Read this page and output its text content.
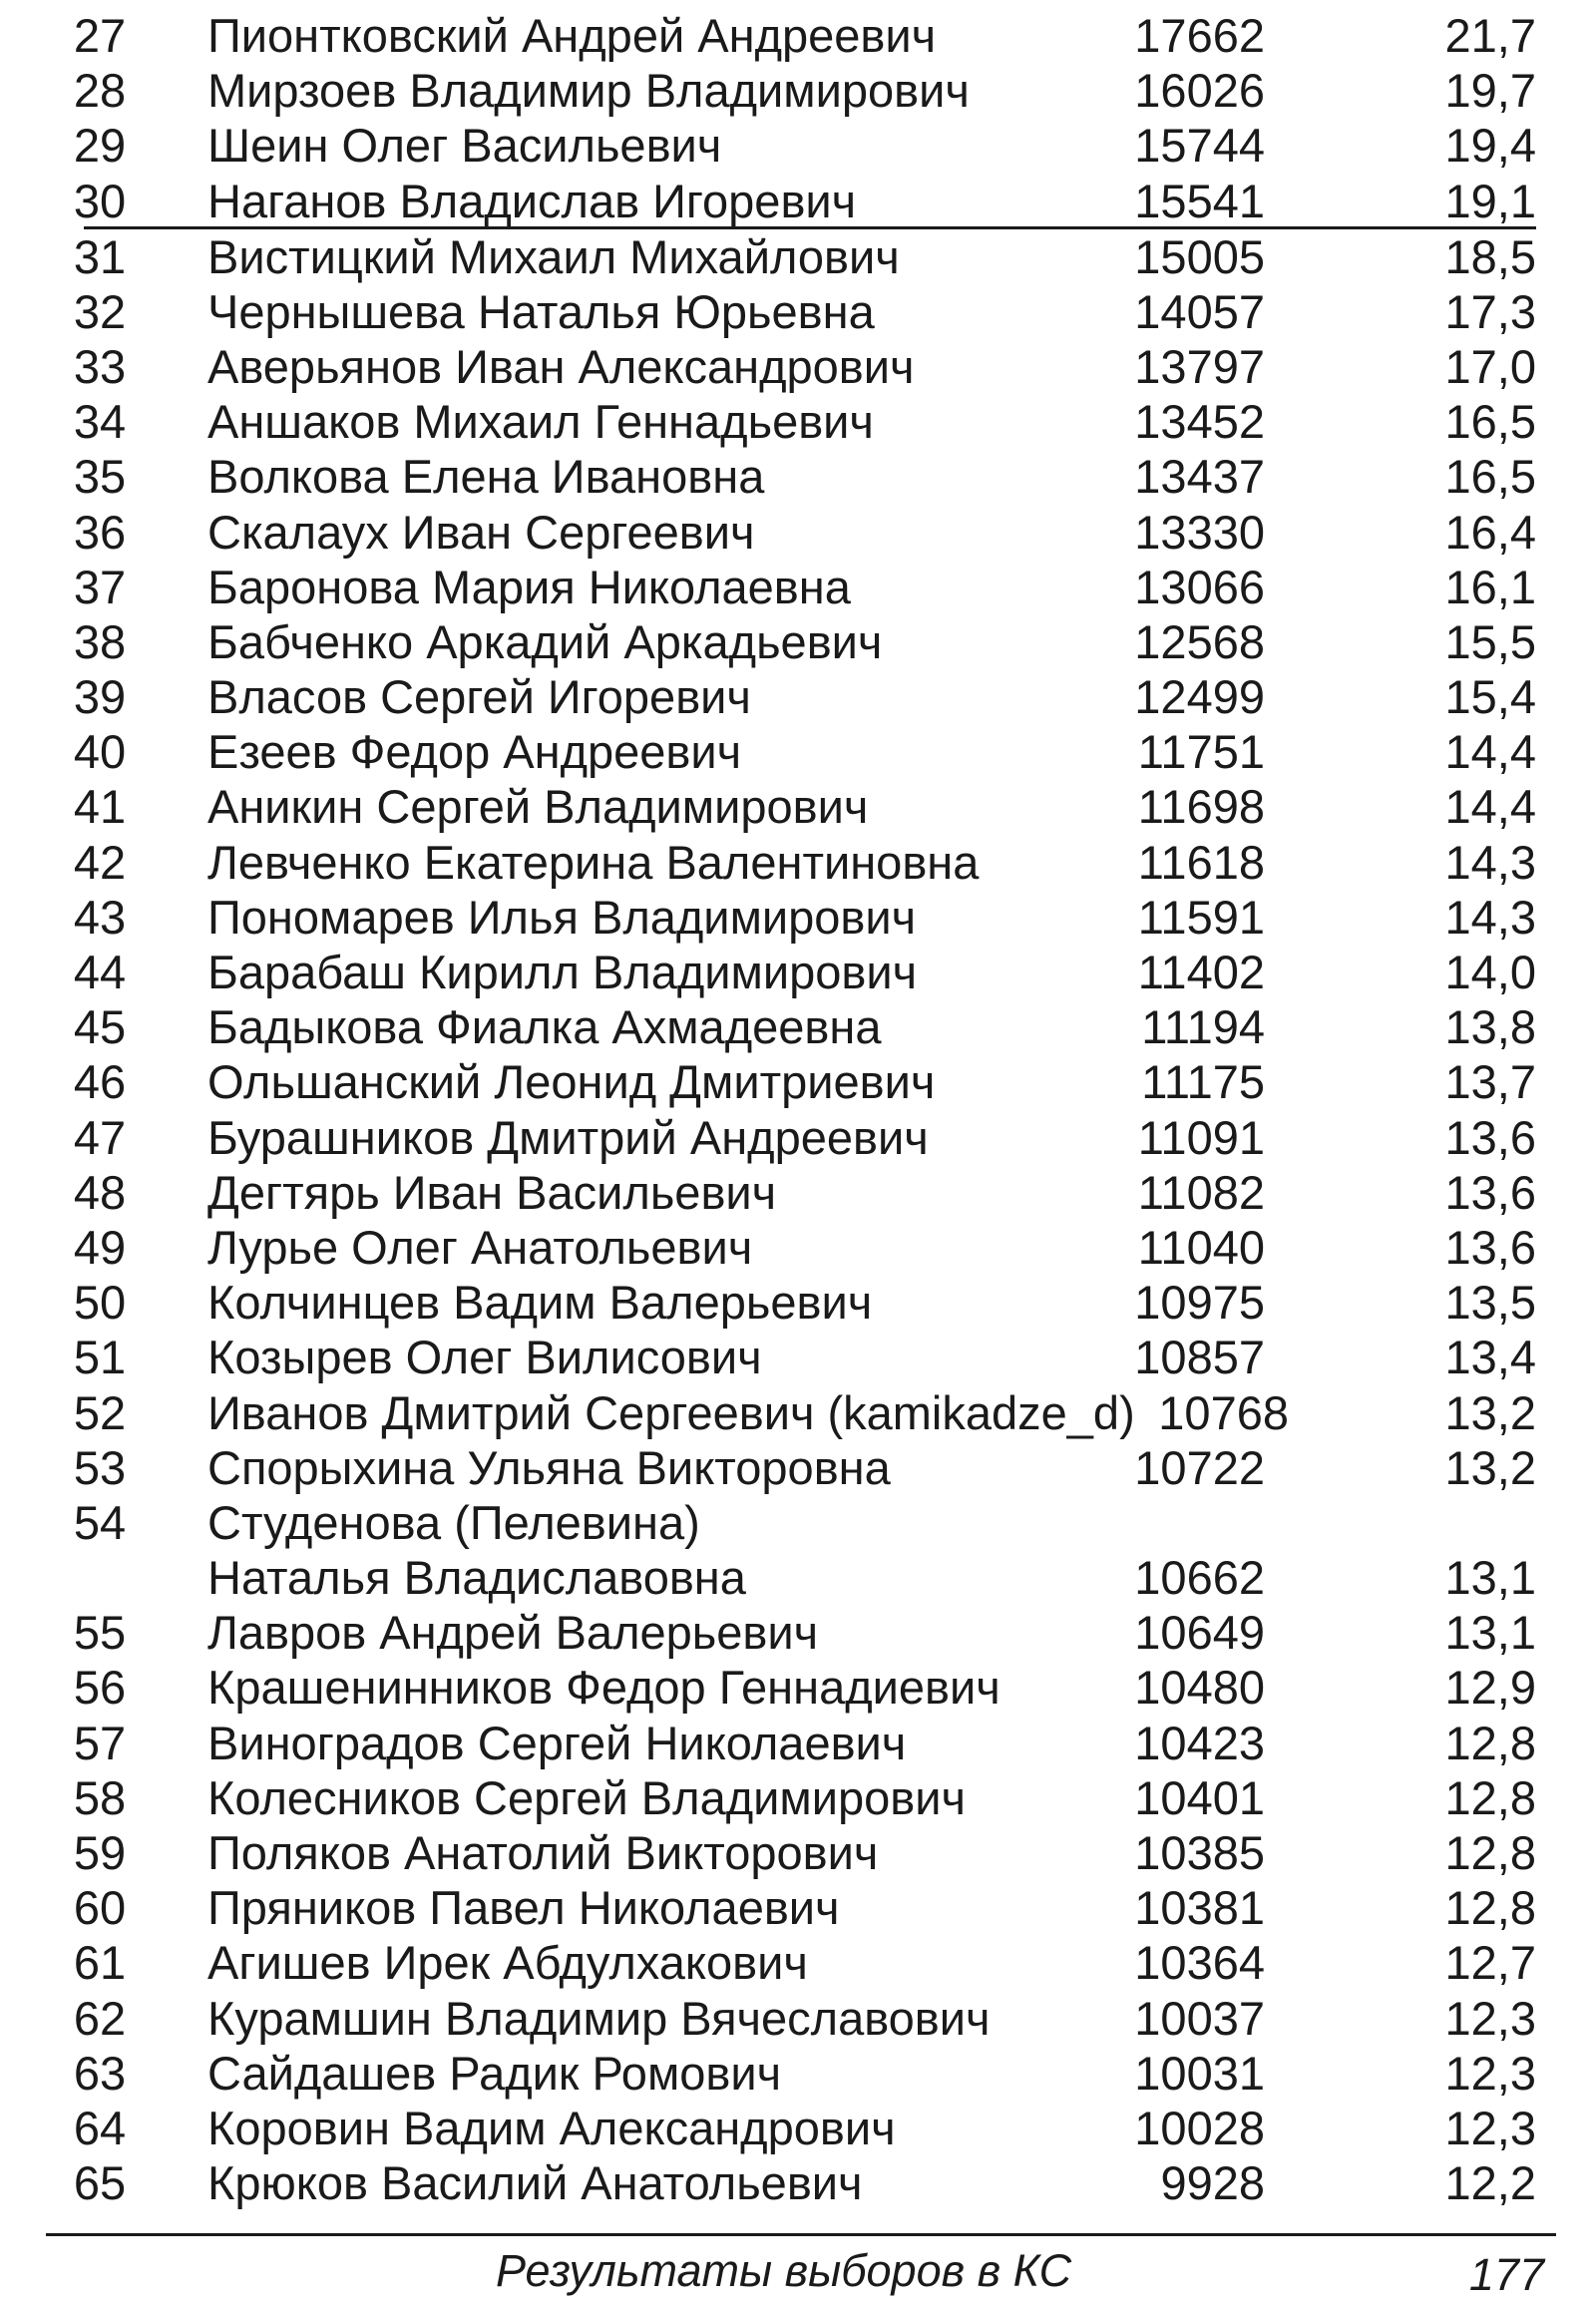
27 Пионтковский Андрей Андреевич	17662	21,7
28 Мирзоев Владимир Владимирович	16026	19,7
29 Шеин Олег Васильевич	15744	19,4
30 Наганов Владислав Игоревич	15541	19,1
31 Вистицкий Михаил Михайлович	15005	18,5
32 Чернышева Наталья Юрьевна	14057	17,3
33 Аверьянов Иван Александрович	13797	17,0
34 Аншаков Михаил Геннадьевич	13452	16,5
35 Волкова Елена Ивановна	13437	16,5
36 Скалаух Иван Сергеевич	13330	16,4
37 Баронова Мария Николаевна	13066	16,1
38 Бабченко Аркадий Аркадьевич	12568	15,5
39 Власов Сергей Игоревич	12499	15,4
40 Езеев Федор Андреевич	11751	14,4
41 Аникин Сергей Владимирович	11698	14,4
42 Левченко Екатерина Валентиновна	11618	14,3
43 Пономарев Илья Владимирович	11591	14,3
44 Барабаш Кирилл Владимирович	11402	14,0
45 Бадыкова Фиалка Ахмадеевна	11194	13,8
46 Ольшанский Леонид Дмитриевич	11175	13,7
47 Бурашников Дмитрий Андреевич	11091	13,6
48 Дегтярь Иван Васильевич	11082	13,6
49 Лурье Олег Анатольевич	11040	13,6
50 Колчинцев Вадим Валерьевич	10975	13,5
51 Козырев Олег Вилисович	10857	13,4
52 Иванов Дмитрий Сергеевич (kamikadze_d) 10768	13,2
53 Спорыхина Ульяна Викторовна	10722	13,2
54 Студенова (Пелевина)
Наталья Владиславовна	10662	13,1
55 Лавров Андрей Валерьевич	10649	13,1
56 Крашенинников Федор Геннадиевич	10480	12,9
57 Виноградов Сергей Николаевич	10423	12,8
58 Колесников Сергей Владимирович	10401	12,8
59 Поляков Анатолий Викторович	10385	12,8
60 Пряников Павел Николаевич	10381	12,8
61 Агишев Ирек Абдулхакович	10364	12,7
62 Курамшин Владимир Вячеславович	10037	12,3
63 Сайдашев Радик Ромович	10031	12,3
64 Коровин Вадим Александрович	10028	12,3
65 Крюков Василий Анатольевич	9928	12,2
Результаты выборов в КС	177
